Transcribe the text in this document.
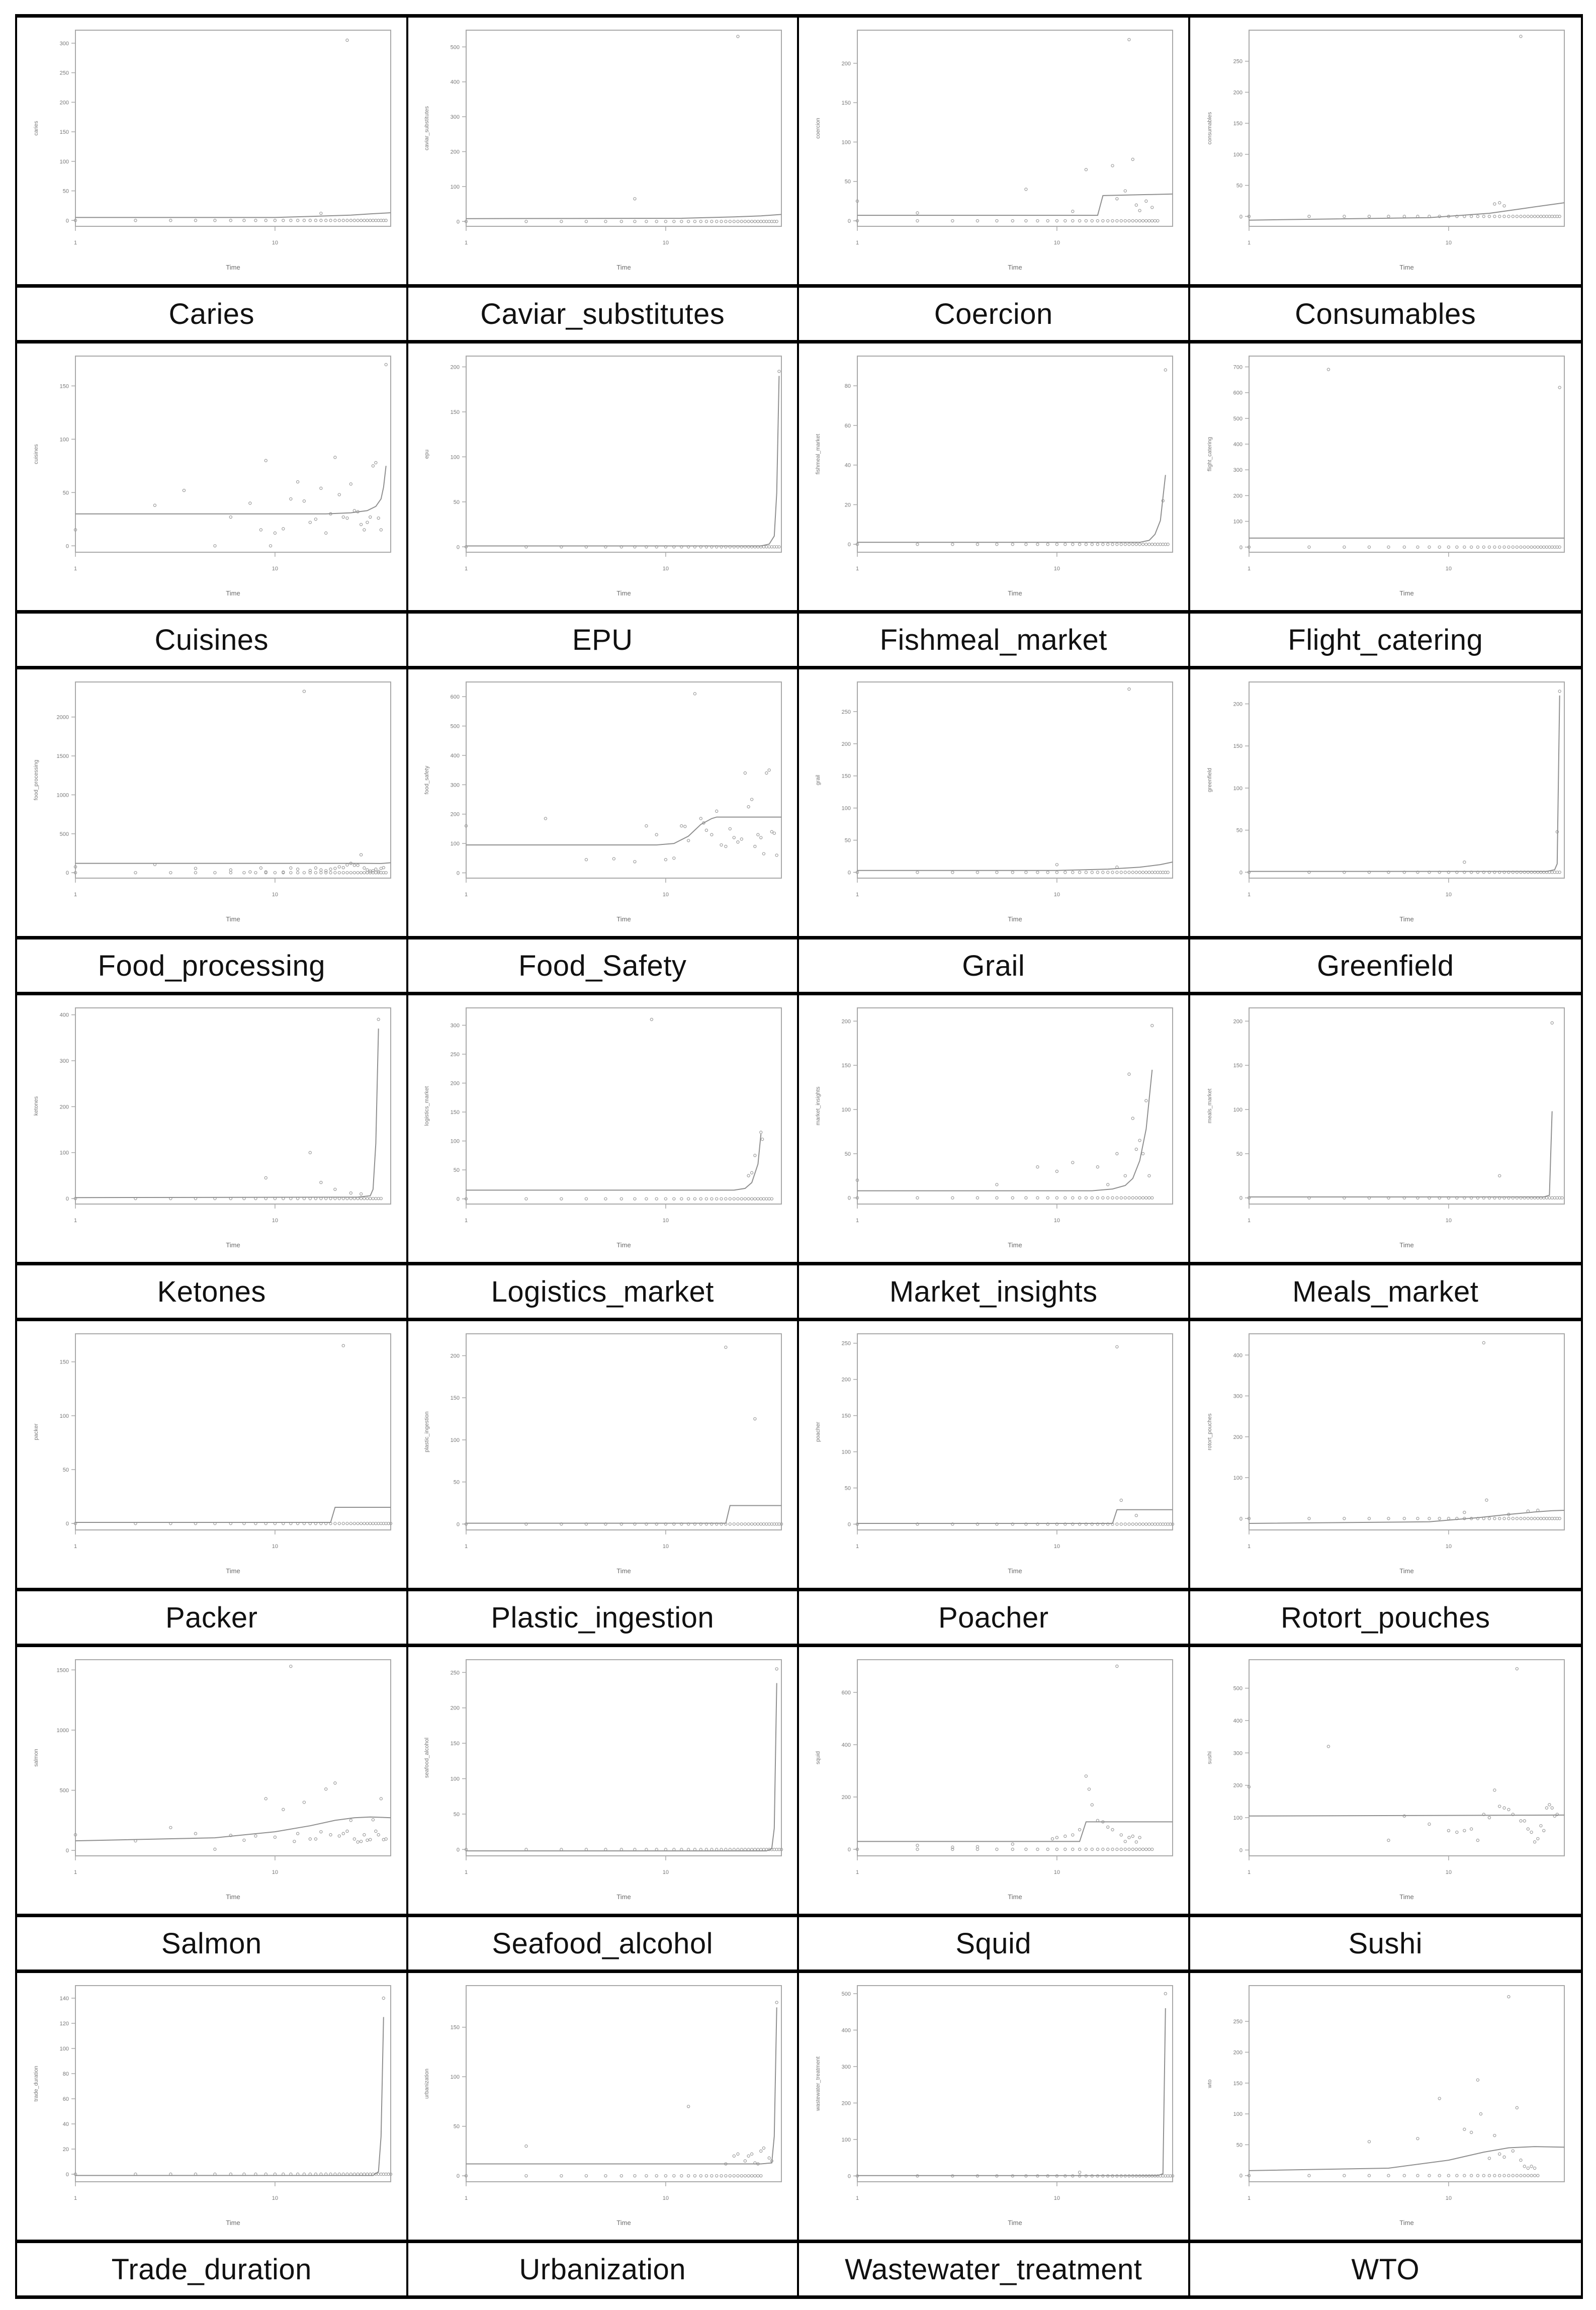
0
50
100
150
200
250
300
1	10
Time
caries
0
100
200
300
400
500
1	10
Time
caviar_substitutes
0
50
100
150
200
1	10
Time
coercion
0
50
100
150
200
250
1	10
Time
consumables
Caries	Caviar_substitutes	Coercion	Consumables
0
50
100
150
1	10
Time
cuisines
0
50
100
150
200
1	10
Time
epu
0
20
40
60
80
1	10
Time
fishmeal_market
0
100
200
300
400
500
600
700
1	10
Time
flight_catering
Cuisines	EPU	Fishmeal_market	Flight_catering
0
500
1000
1500
2000
1	10
Time
food_processing
0
100
200
300
400
500
600
1	10
Time
food_safety
0
50
100
150
200
250
1	10
Time
grail
0
50
100
150
200
1	10
Time
greenfield
Food_processing	Food_Safety	Grail	Greenfield
0
100
200
300
400
1	10
Time
ketones
0
50
100
150
200
250
300
1	10
Time
logistics_market
0
50
100
150
200
1	10
Time
market_insights
0
50
100
150
200
1	10
Time
meals_market
Ketones	Logistics_market	Market_insights	Meals_market
0
50
100
150
1	10
Time
packer
0
50
100
150
200
1	10
Time
plastic_ingestion
0
50
100
150
200
250
1	10
Time
poacher
0
100
200
300
400
1	10
Time
rotort_pouches
Packer	Plastic_ingestion	Poacher	Rotort_pouches
0
500
1000
1500
1	10
Time
salmon
0
50
100
150
200
250
1	10
Time
seafood_alcohol
0
200
400
600
1	10
Time
squid
0
100
200
300
400
500
1	10
Time
sushi
Salmon	Seafood_alcohol	Squid	Sushi
0
20
40
60
80
100
120
140
1	10
Time
trade_duration
0
50
100
150
1	10
Time
urbanization
0
100
200
300
400
500
1	10
Time
wastewater_treatment
0
50
100
150
200
250
1	10
Time
wto
Trade_duration	Urbanization	Wastewater_treatment	WTO
